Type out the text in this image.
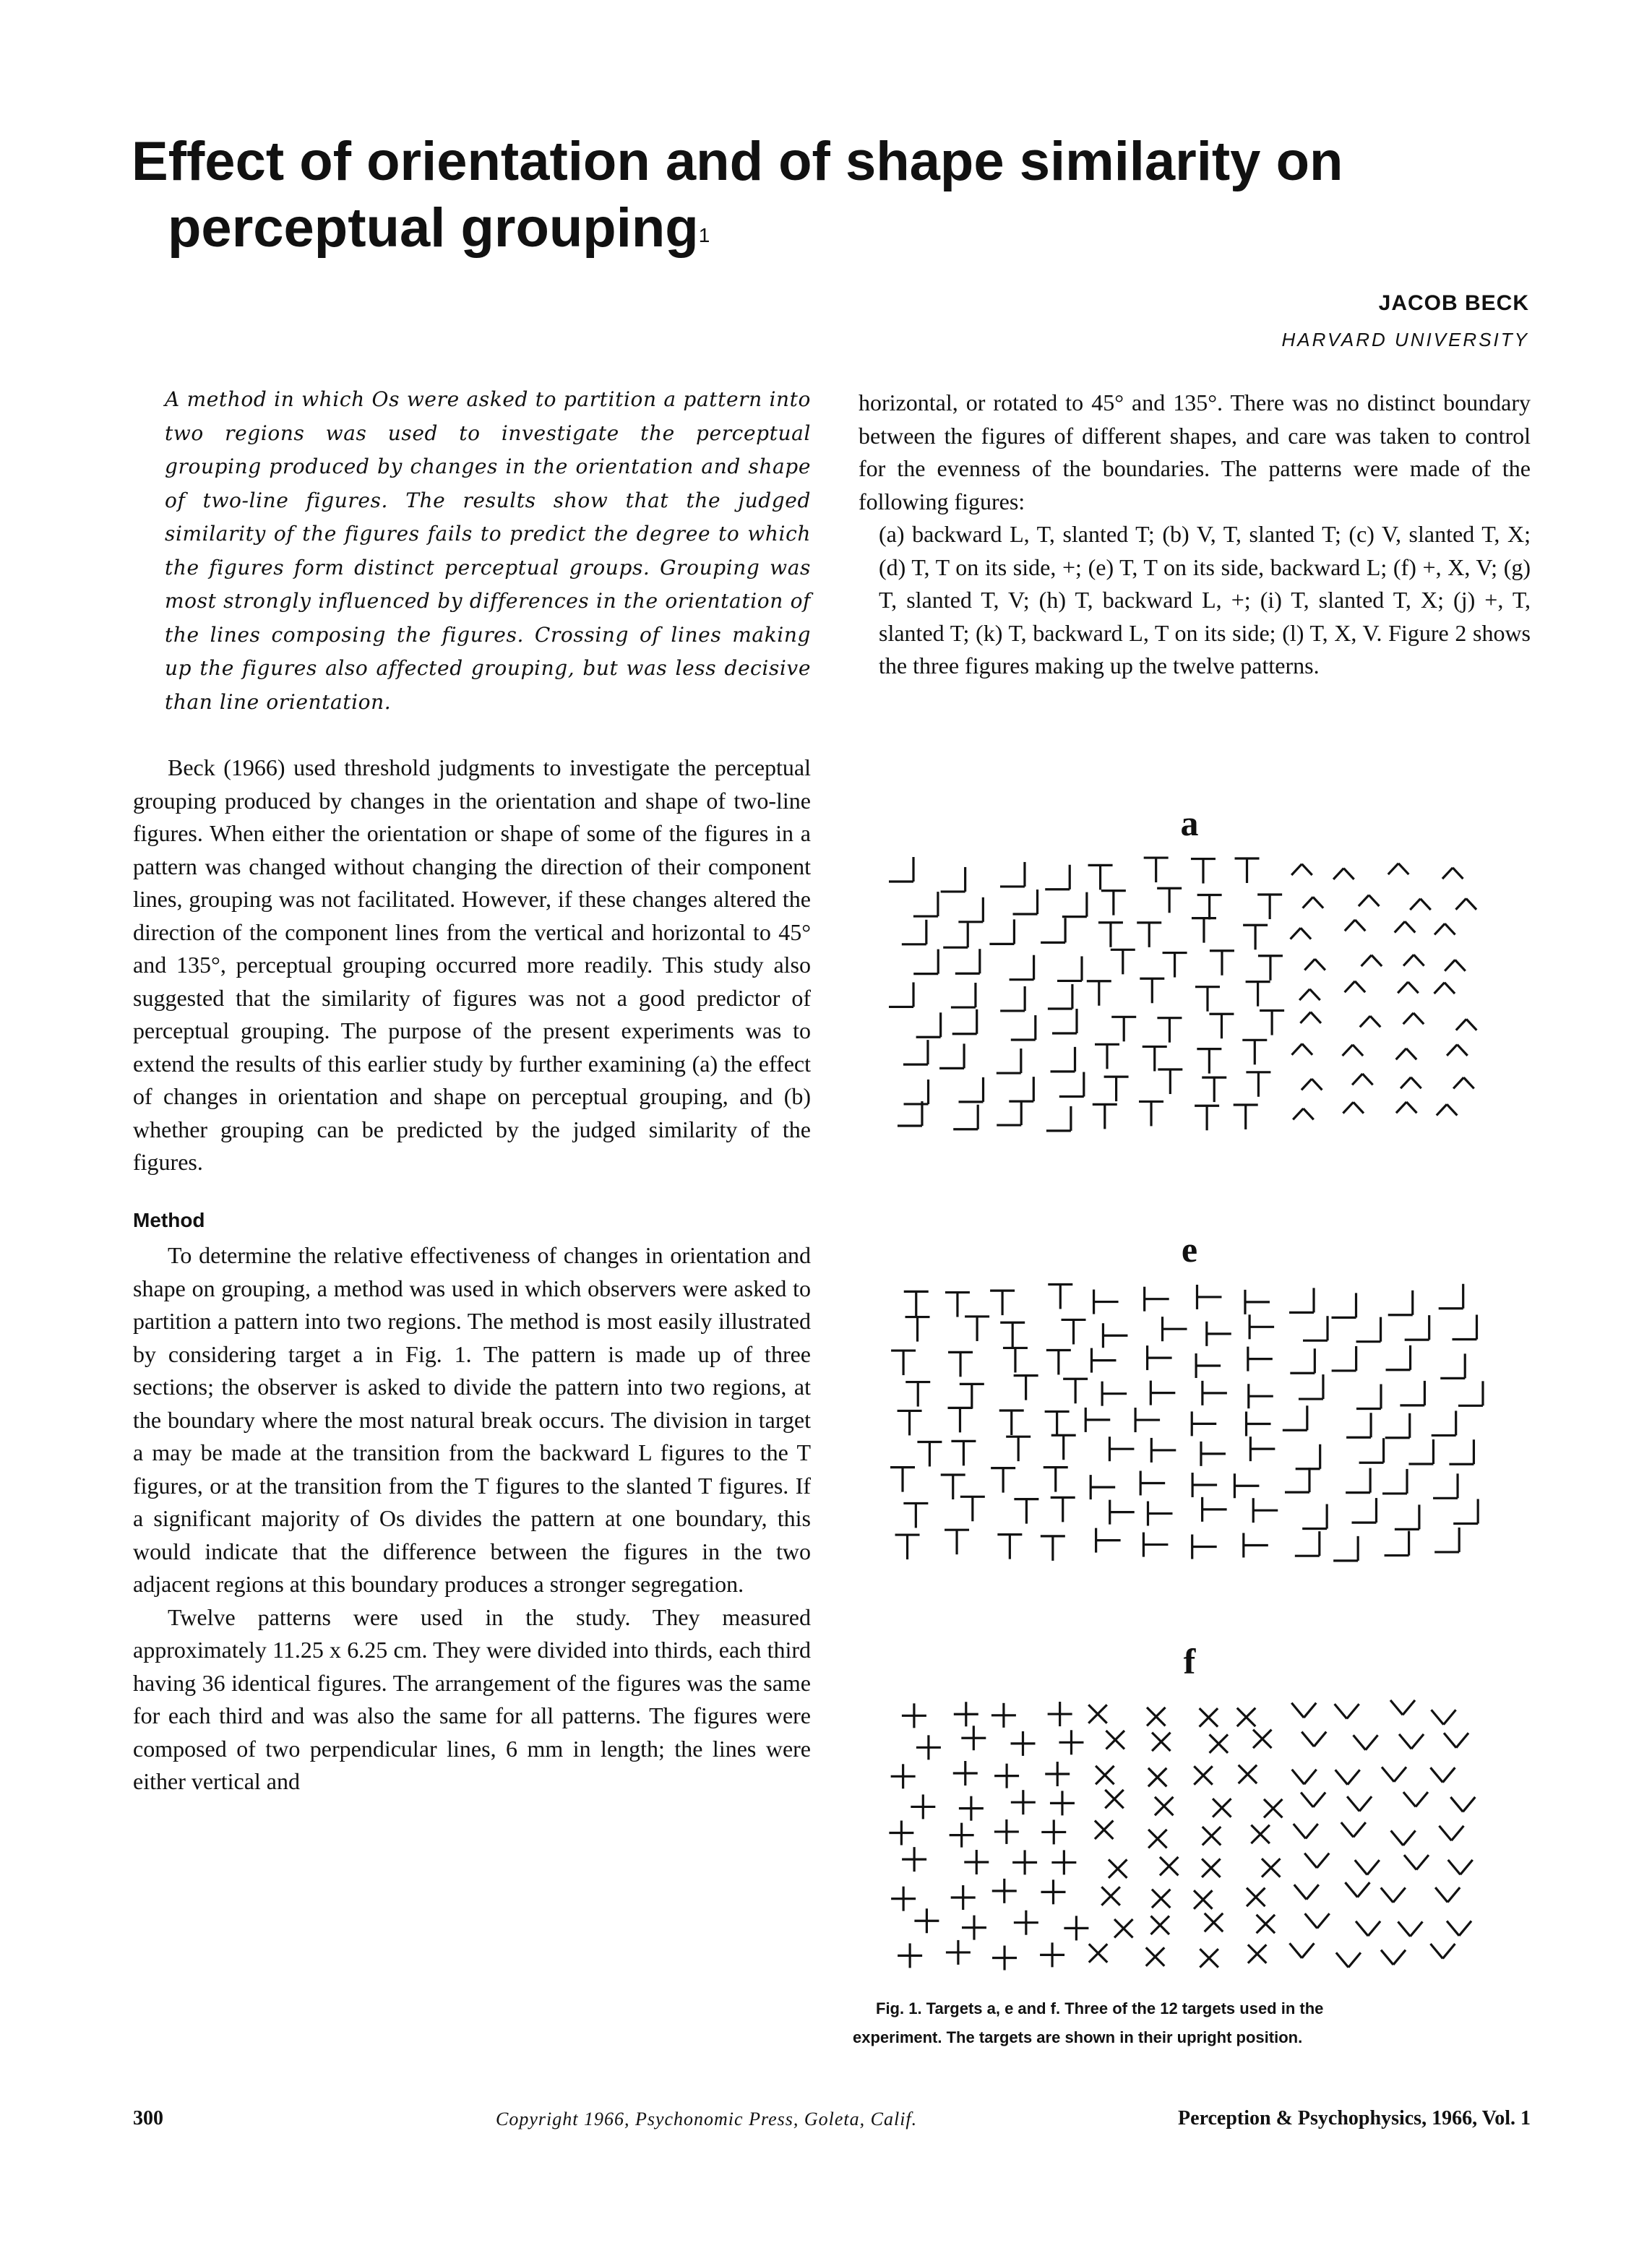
Effect of orientation and of shape similarity on
perceptual grouping$^1$
JACOB BECK
HARVARD UNIVERSITY

A method in which Os were asked to partition a pattern into two regions was used to investigate the perceptual grouping produced by changes in the orientation and shape of two-line figures. The results show that the judged similarity of the figures fails to predict the degree to which the figures form distinct perceptual groups. Grouping was most strongly influenced by differences in the orientation of the lines composing the figures. Crossing of lines making up the figures also affected grouping, but was less decisive than line orientation.

Beck (1966) used threshold judgments to investigate the perceptual grouping produced by changes in the orientation and shape of two-line figures. When either the orientation or shape of some of the figures in a pattern was changed without changing the direction of their component lines, grouping was not facilitated. However, if these changes altered the direction of the component lines from the vertical and horizontal to 45° and 135°, perceptual grouping occurred more readily. This study also suggested that the similarity of figures was not a good predictor of perceptual grouping. The purpose of the present experiments was to extend the results of this earlier study by further examining (a) the effect of changes in orientation and shape on perceptual grouping, and (b) whether grouping can be predicted by the judged similarity of the figures.

Method

To determine the relative effectiveness of changes in orientation and shape on grouping, a method was used in which observers were asked to partition a pattern into two regions. The method is most easily illustrated by considering target a in Fig. 1. The pattern is made up of three sections; the observer is asked to divide the pattern into two regions, at the boundary where the most natural break occurs. The division in target a may be made at the transition from the backward L figures to the T figures, or at the transition from the T figures to the slanted T figures. If a significant majority of Os divides the pattern at one boundary, this would indicate that the difference between the figures in the two adjacent regions at this boundary produces a stronger segregation.

Twelve patterns were used in the study. They measured approximately 11.25 x 6.25 cm. They were divided into thirds, each third having 36 identical figures. The arrangement of the figures was the same for each third and was also the same for all patterns. The figures were composed of two perpendicular lines, 6 mm in length; the lines were either vertical and

horizontal, or rotated to 45° and 135°. There was no distinct boundary between the figures of different shapes, and care was taken to control for the evenness of the boundaries. The patterns were made of the following figures:

(a) backward L, T, slanted T; (b) V, T, slanted T; (c) V, slanted T, X; (d) T, T on its side, +; (e) T, T on its side, backward L; (f) +, X, V; (g) T, slanted T, V; (h) T, backward L, +; (i) T, slanted T, X; (j) +, T, slanted T; (k) T, backward L, T on its side; (l) T, X, V. Figure 2 shows the three figures making up the twelve patterns.

a
e
f
Fig. 1. Targets a, e and f. Three of the 12 targets used in the
experiment. The targets are shown in their upright position.
300	Copyright 1966, Psychonomic Press, Goleta, Calif.	Perception & Psychophysics, 1966, Vol. 1
